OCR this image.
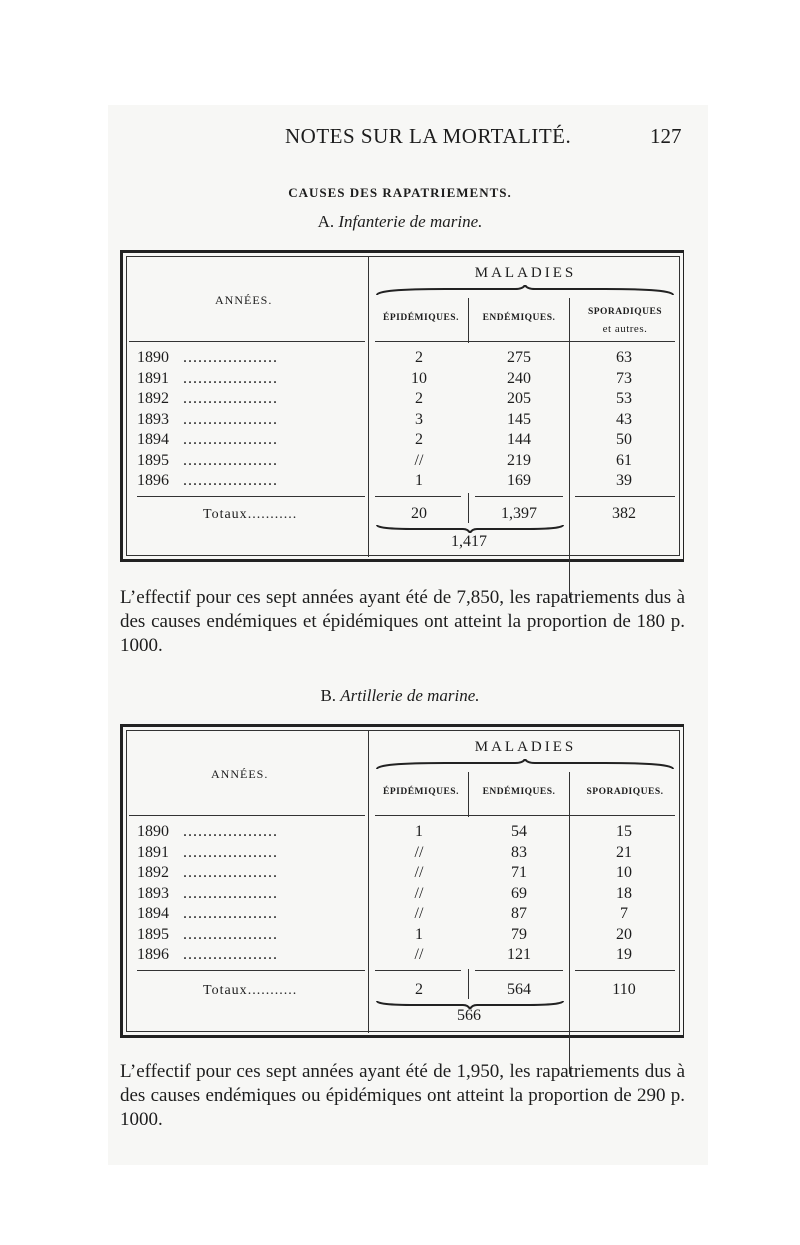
NOTES SUR LA MORTALITÉ.	127
CAUSES DES RAPATRIEMENTS.
A. Infanterie de marine.
ANNÉES.
MALADIES
ÉPIDÉMIQUES.	ENDÉMIQUES.
SPORADIQUES
et autres.
1890 ...................	2	275	63
1891 ...................	10	240	73
1892 ...................	2	205	53
1893 ...................	3	145	43
1894 ...................	2	144	50
1895 ...................	//	219	61
1896 ...................	1	169	39
Totaux...........	20	1,397	382
1,417
L’effectif pour ces sept années ayant été de 7,850, les rapatriements dus à des causes endémiques et épidémiques ont atteint la proportion de 180 p. 1000.
B. Artillerie de marine.
ANNÉES.
MALADIES
ÉPIDÉMIQUES.	ENDÉMIQUES.	SPORADIQUES.
1890 ...................	1	54	15
1891 ...................	//	83	21
1892 ...................	//	71	10
1893 ...................	//	69	18
1894 ...................	//	87	7
1895 ...................	1	79	20
1896 ...................	//	121	19
Totaux...........	2	564	110
566
L’effectif pour ces sept années ayant été de 1,950, les rapatriements dus à des causes endémiques ou épidémiques ont atteint la proportion de 290 p. 1000.
